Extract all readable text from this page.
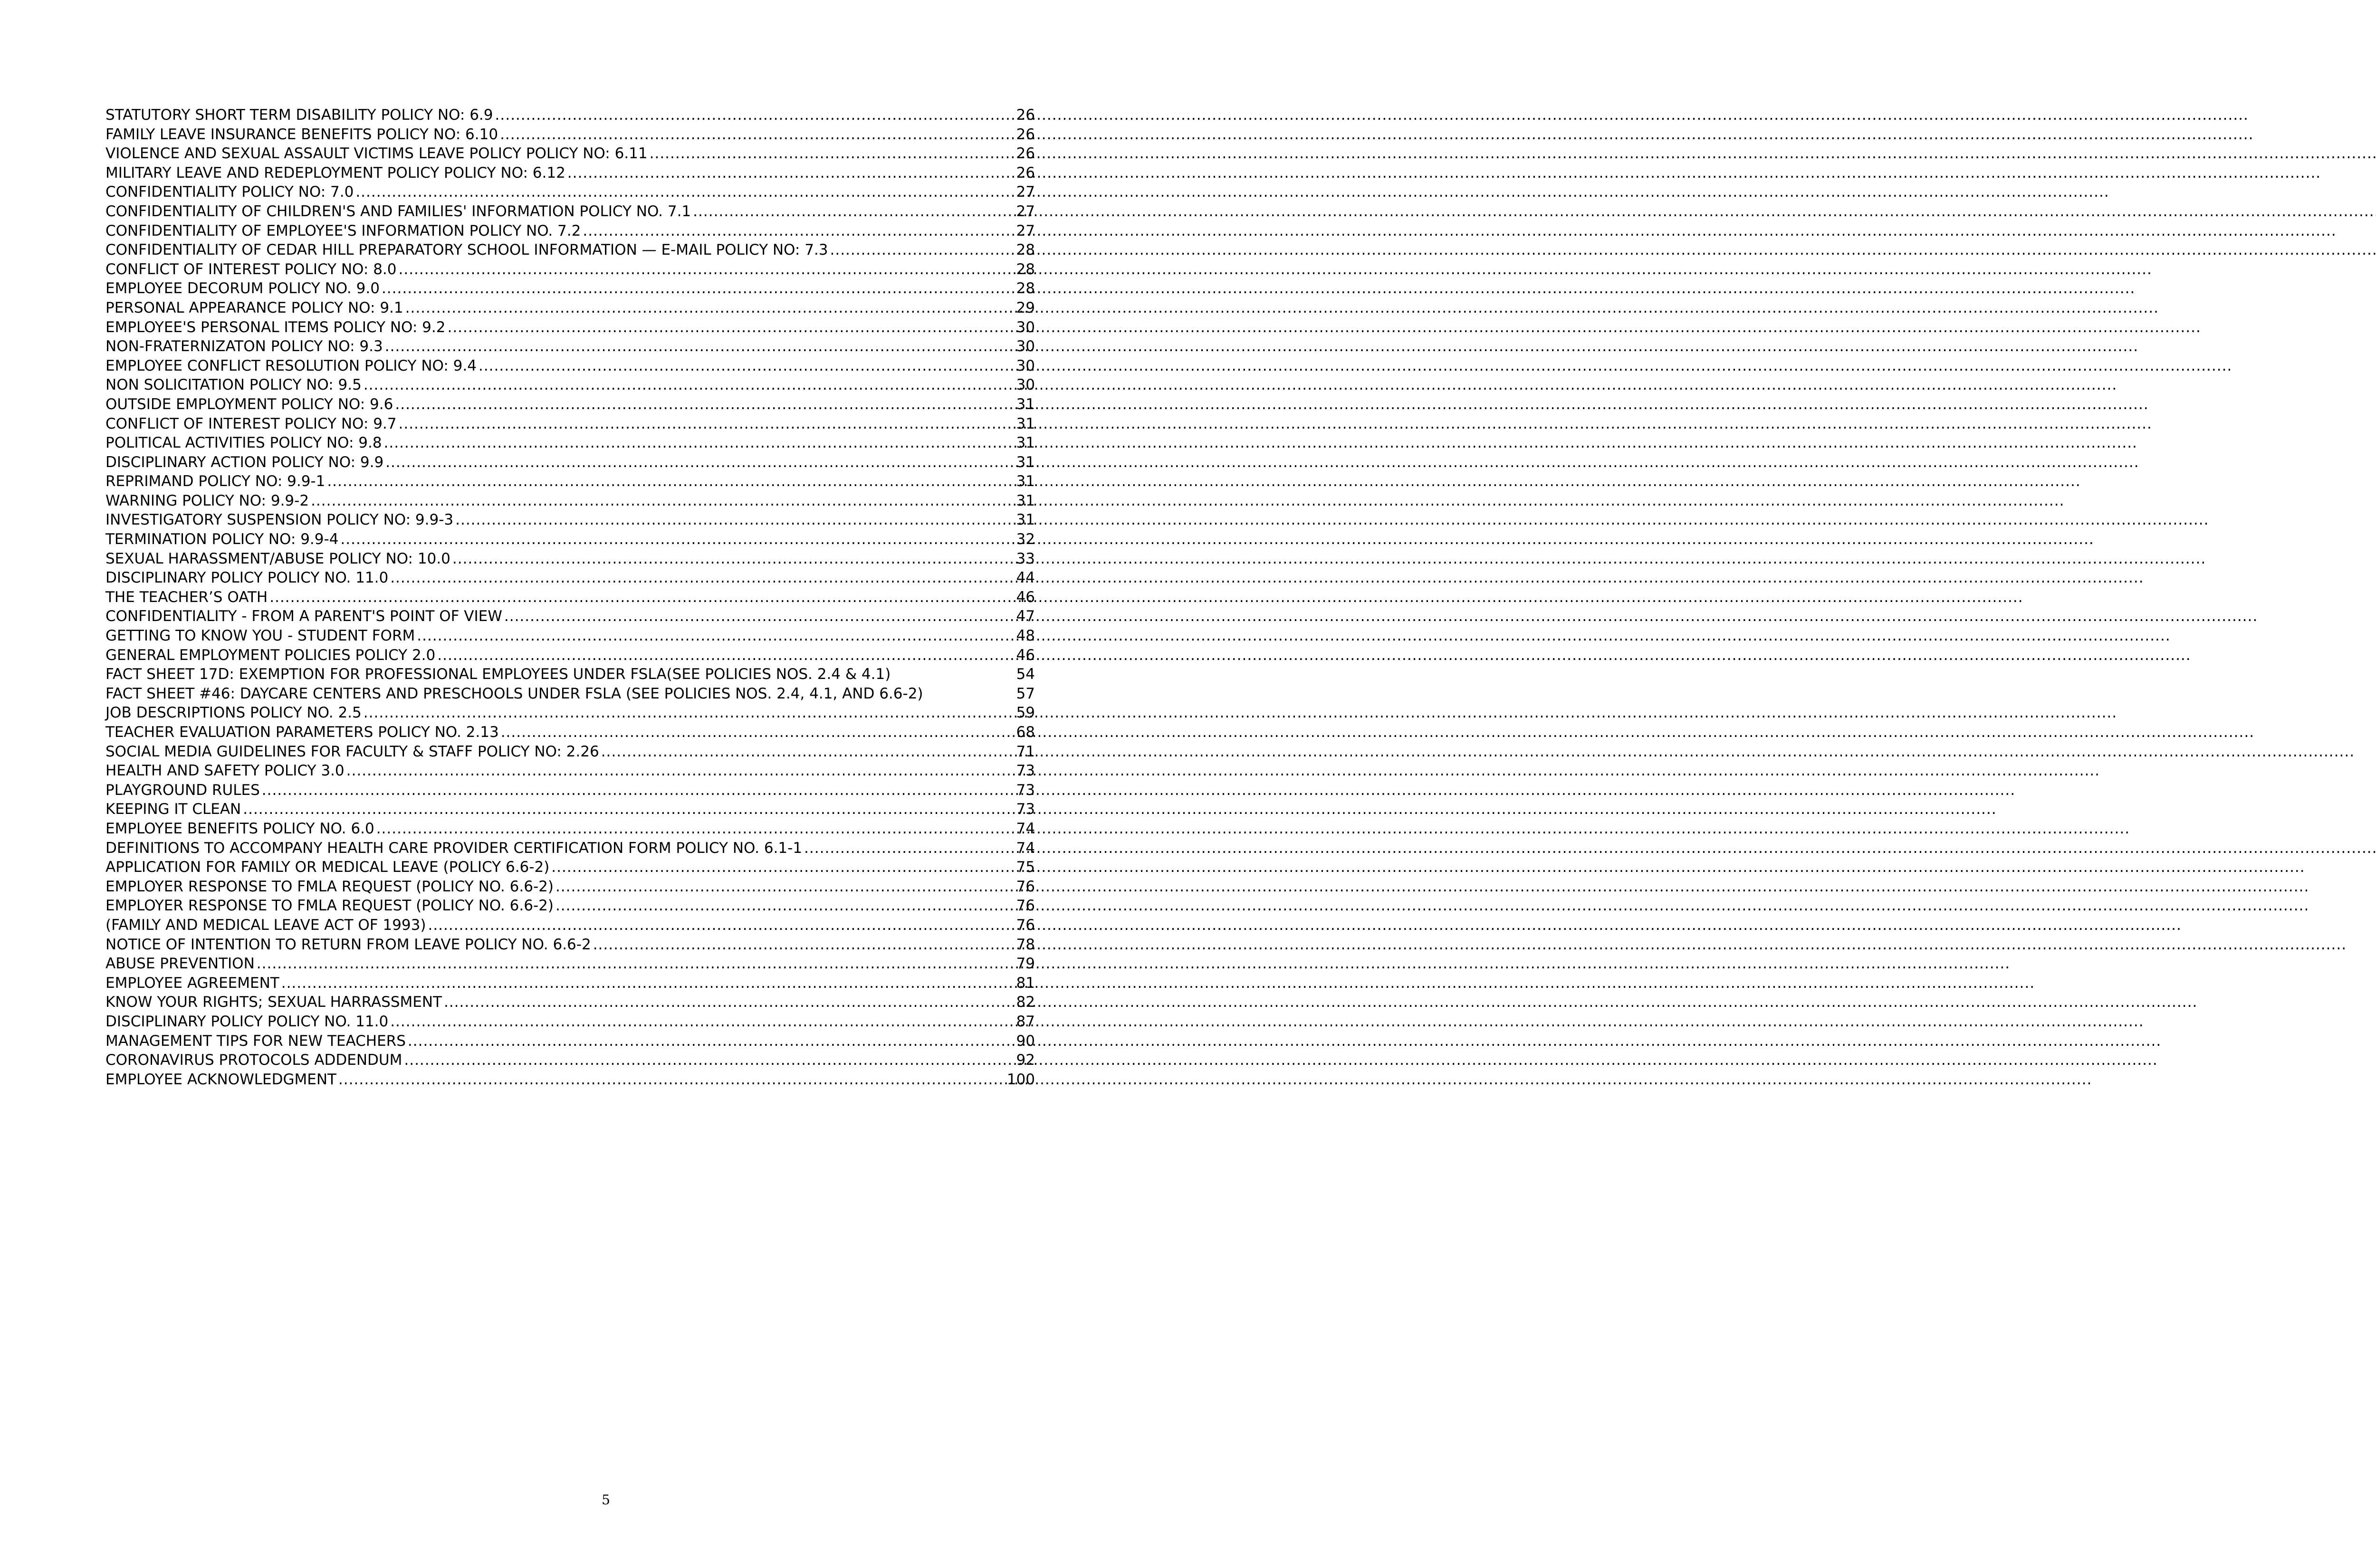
STATUTORY SHORT TERM DISABILITY POLICY NO: 6.9 .....	26
FAMILY LEAVE INSURANCE BENEFITS POLICY NO: 6.10 .....	26
VIOLENCE AND SEXUAL ASSAULT VICTIMS LEAVE POLICY POLICY NO: 6.11 .....	26
MILITARY LEAVE AND REDEPLOYMENT POLICY POLICY NO: 6.12 .....	26
CONFIDENTIALITY POLICY NO: 7.0 .....	27
CONFIDENTIALITY OF CHILDREN'S AND FAMILIES' INFORMATION POLICY NO. 7.1 .....	27
CONFIDENTIALITY OF EMPLOYEE'S INFORMATION POLICY NO. 7.2 .....	27
CONFIDENTIALITY OF CEDAR HILL PREPARATORY SCHOOL INFORMATION — E-MAIL POLICY NO: 7.3 .....	28
CONFLICT OF INTEREST POLICY NO: 8.0 .....	28
EMPLOYEE DECORUM POLICY NO. 9.0 .....	28
PERSONAL APPEARANCE POLICY NO: 9.1 .....	29
EMPLOYEE'S PERSONAL ITEMS POLICY NO: 9.2 .....	30
NON-FRATERNIZATON POLICY NO: 9.3 .....	30
EMPLOYEE CONFLICT RESOLUTION POLICY NO: 9.4 .....	30
NON SOLICITATION POLICY NO: 9.5 .....	30
OUTSIDE EMPLOYMENT POLICY NO: 9.6 .....	31
CONFLICT OF INTEREST POLICY NO: 9.7 .....	31
POLITICAL ACTIVITIES POLICY NO: 9.8 .....	31
DISCIPLINARY ACTION POLICY NO: 9.9 .....	31
REPRIMAND POLICY NO: 9.9-1 .....	31
WARNING POLICY NO: 9.9-2 .....	31
INVESTIGATORY SUSPENSION POLICY NO: 9.9-3 .....	31
TERMINATION POLICY NO: 9.9-4 .....	32
SEXUAL HARASSMENT/ABUSE POLICY NO: 10.0 .....	33
DISCIPLINARY POLICY POLICY NO. 11.0 .....	44
THE TEACHER’S OATH .....	46
CONFIDENTIALITY - FROM A PARENT'S POINT OF VIEW .....	47
GETTING TO KNOW YOU - STUDENT FORM .....	48
GENERAL EMPLOYMENT POLICIES POLICY 2.0 .....	46
FACT SHEET 17D: EXEMPTION FOR PROFESSIONAL EMPLOYEES UNDER FSLA(SEE POLICIES NOS. 2.4 & 4.1)	54
FACT SHEET #46: DAYCARE CENTERS AND PRESCHOOLS UNDER FSLA (SEE POLICIES NOS. 2.4, 4.1, AND 6.6-2)	57
JOB DESCRIPTIONS POLICY NO. 2.5 .....	59
TEACHER EVALUATION PARAMETERS POLICY NO. 2.13 .....	68
SOCIAL MEDIA GUIDELINES FOR FACULTY & STAFF POLICY NO: 2.26 .....	71
HEALTH AND SAFETY POLICY 3.0 .....	73
PLAYGROUND RULES .....	73
KEEPING IT CLEAN .....	73
EMPLOYEE BENEFITS POLICY NO. 6.0 .....	74
DEFINITIONS TO ACCOMPANY HEALTH CARE PROVIDER CERTIFICATION FORM POLICY NO. 6.1-1 .....	74
APPLICATION FOR FAMILY OR MEDICAL LEAVE (POLICY 6.6-2) .....	75
EMPLOYER RESPONSE TO FMLA REQUEST (POLICY NO. 6.6-2) .....	76
EMPLOYER RESPONSE TO FMLA REQUEST (POLICY NO. 6.6-2) .....	76
(FAMILY AND MEDICAL LEAVE ACT OF 1993) .....	76
NOTICE OF INTENTION TO RETURN FROM LEAVE POLICY NO. 6.6-2 .....	78
ABUSE PREVENTION .....	79
EMPLOYEE AGREEMENT .....	81
KNOW YOUR RIGHTS; SEXUAL HARRASSMENT .....	82
DISCIPLINARY POLICY POLICY NO. 11.0 .....	87
MANAGEMENT TIPS FOR NEW TEACHERS .....	90
CORONAVIRUS PROTOCOLS ADDENDUM .....	92
EMPLOYEE ACKNOWLEDGMENT .....	100
5
